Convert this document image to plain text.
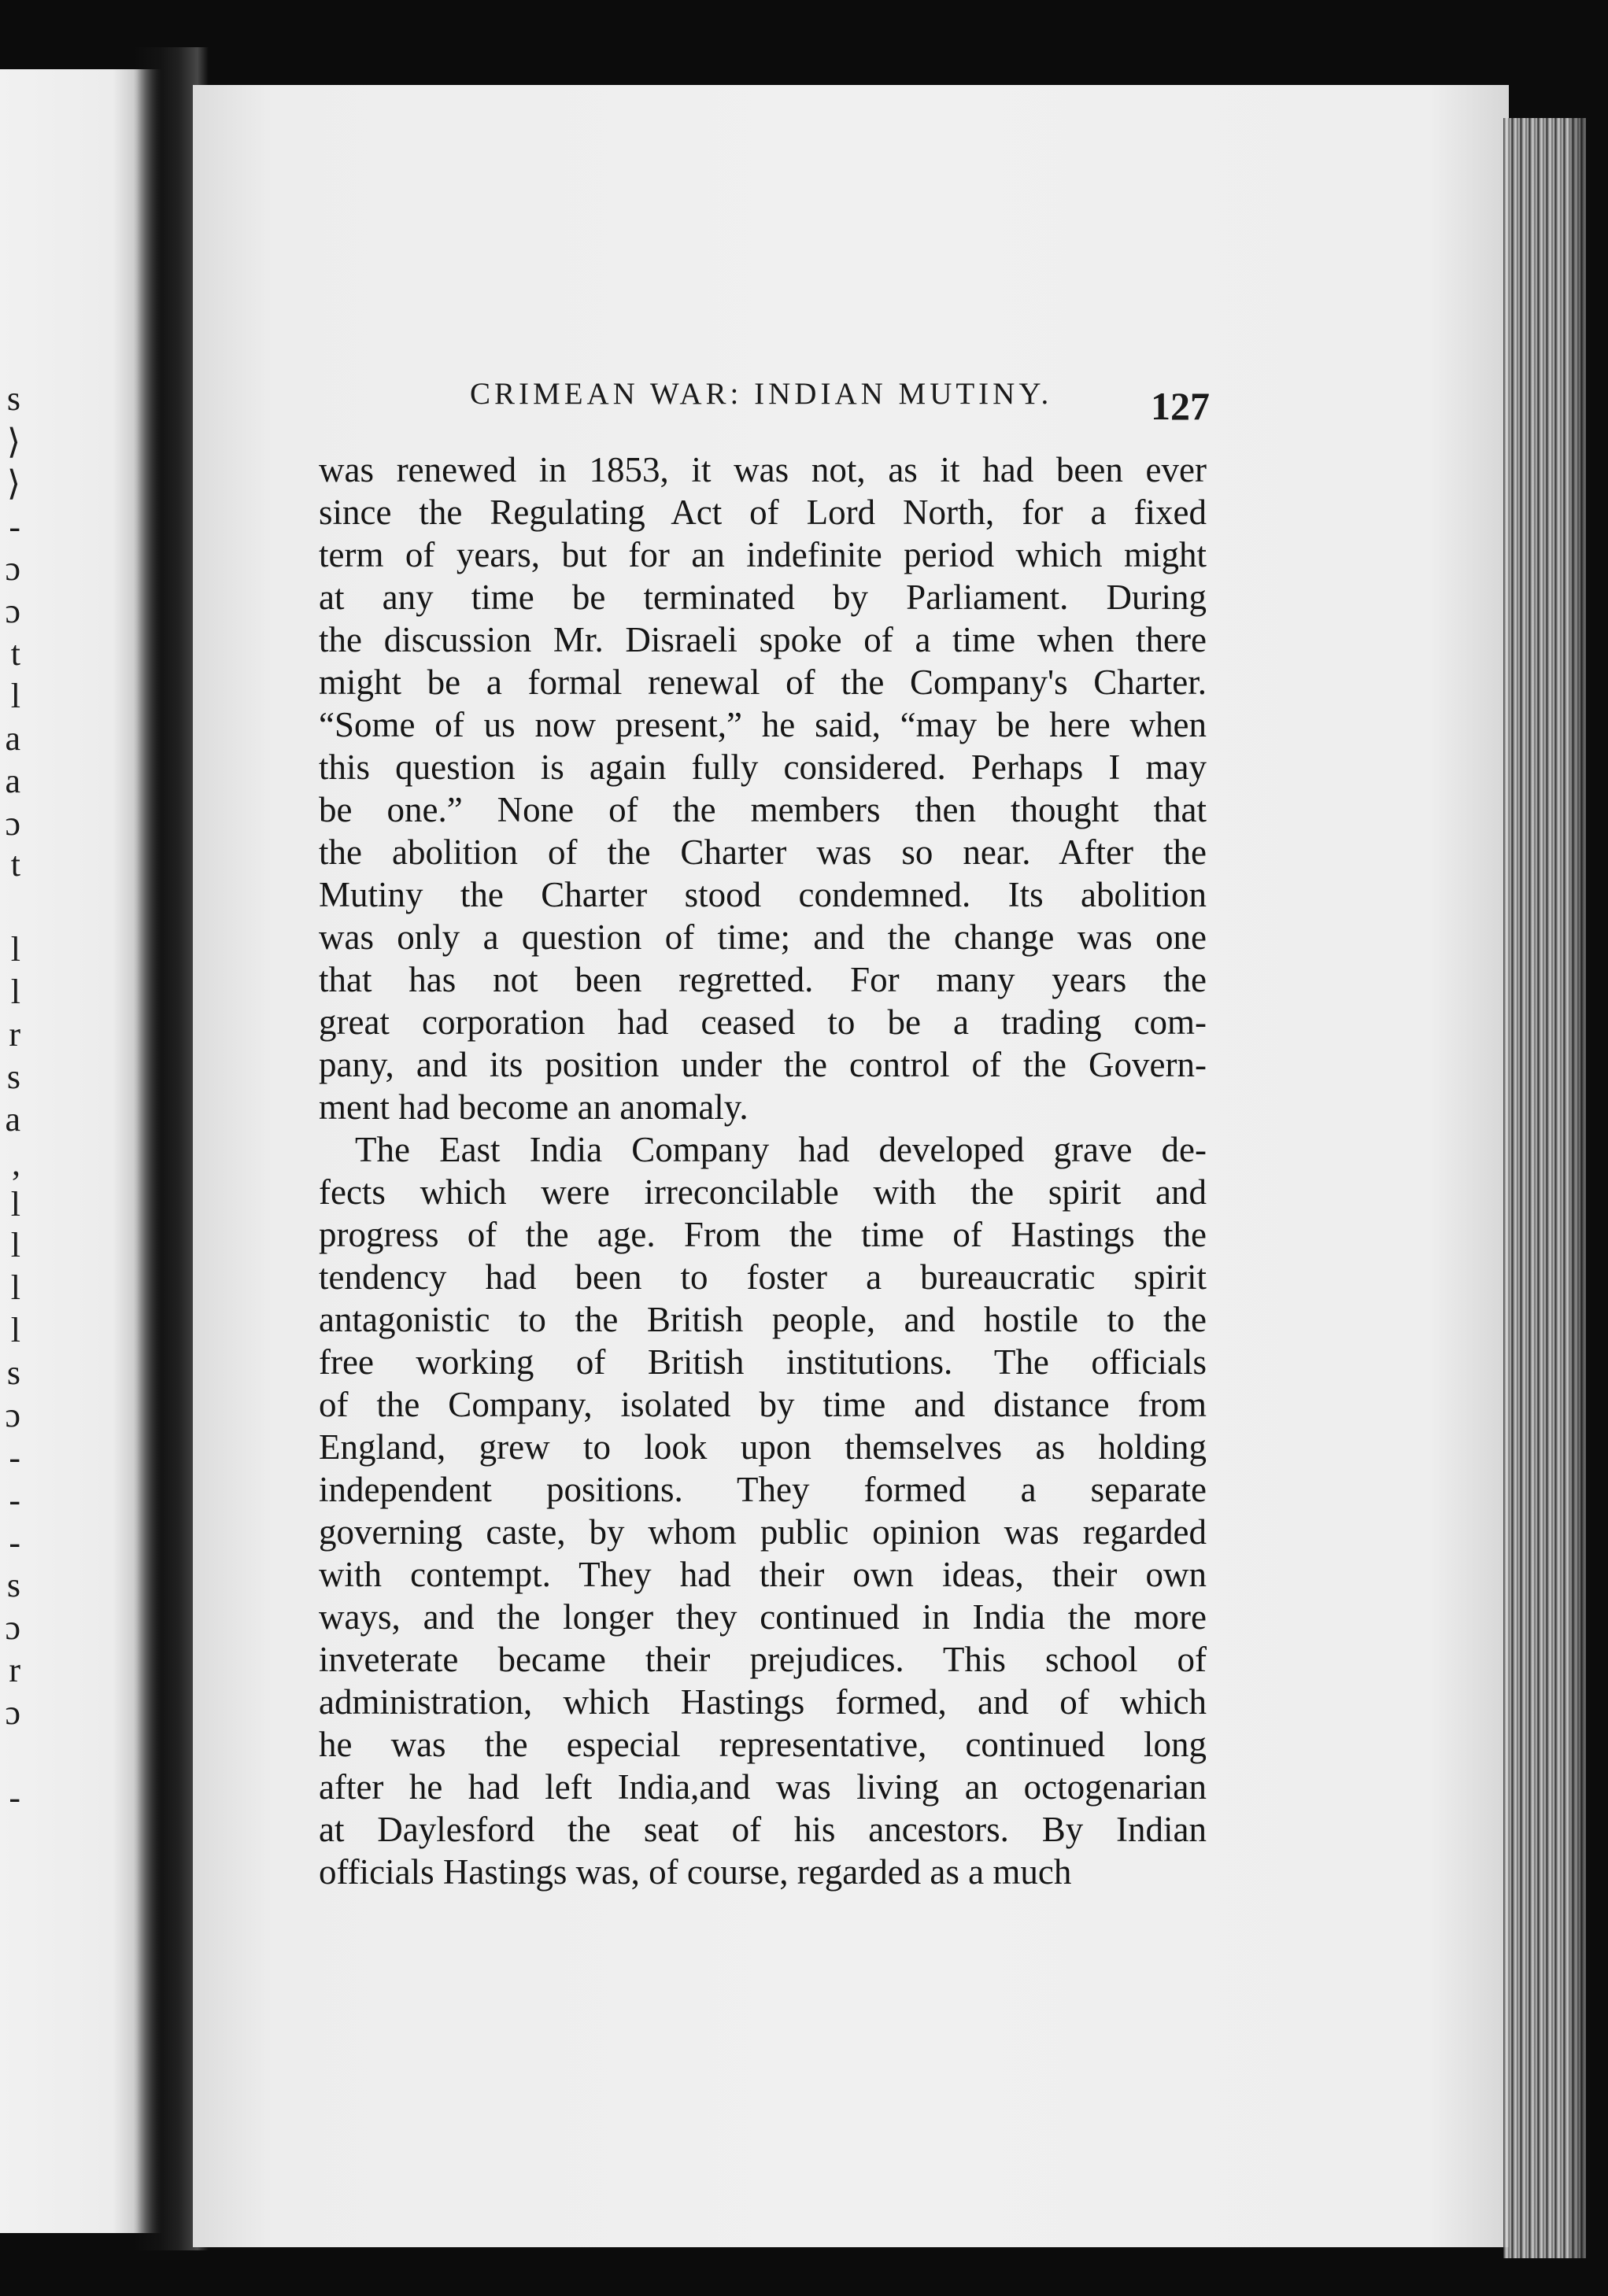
s
⟩
⟩
-
ɔ
ɔ
t
l
a
a
ɔ
t
l
l
r
s
a
,
l
l
l
l
s
ɔ
-
-
-
s
ɔ
r
ɔ
-
CRIMEAN WAR: INDIAN MUTINY.	127
was renewed in 1853, it was not, as it had been ever
since the Regulating Act of Lord North, for a fixed
term of years, but for an indefinite period which might
at any time be terminated by Parliament. During
the discussion Mr. Disraeli spoke of a time when there
might be a formal renewal of the Company's Charter.
“Some of us now present,” he said, “may be here when
this question is again fully considered. Perhaps I may
be one.” None of the members then thought that
the abolition of the Charter was so near. After the
Mutiny the Charter stood condemned. Its abolition
was only a question of time; and the change was one
that has not been regretted. For many years the
great corporation had ceased to be a trading com-
pany, and its position under the control of the Govern-
ment had become an anomaly.
The East India Company had developed grave de-
fects which were irreconcilable with the spirit and
progress of the age. From the time of Hastings the
tendency had been to foster a bureaucratic spirit
antagonistic to the British people, and hostile to the
free working of British institutions. The officials
of the Company, isolated by time and distance from
England, grew to look upon themselves as holding
independent positions. They formed a separate
governing caste, by whom public opinion was regarded
with contempt. They had their own ideas, their own
ways, and the longer they continued in India the more
inveterate became their prejudices. This school of
administration, which Hastings formed, and of which
he was the especial representative, continued long
after he had left India,and was living an octogenarian
at Daylesford the seat of his ancestors. By Indian
officials Hastings was, of course, regarded as a much
